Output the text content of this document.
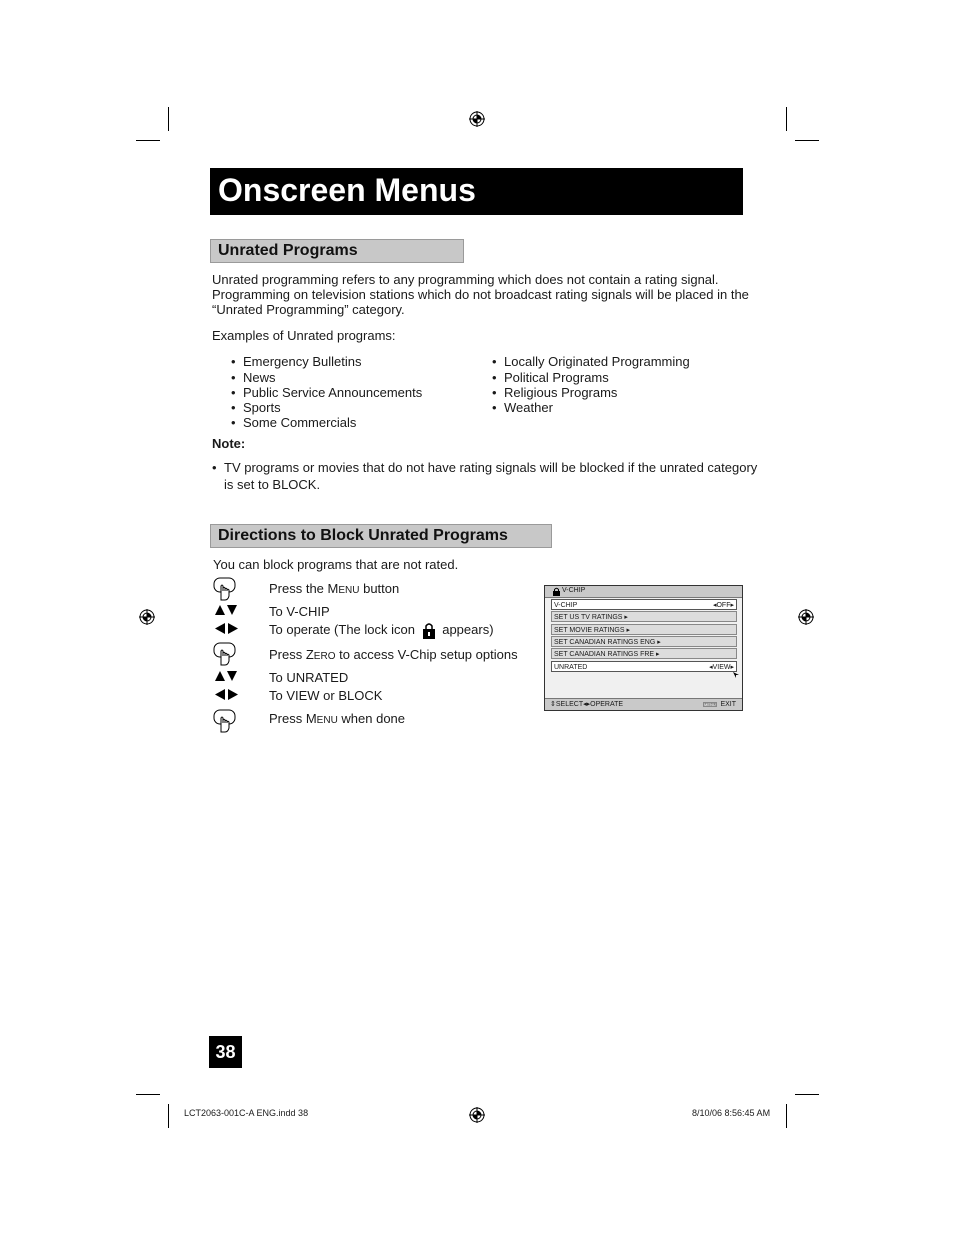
Onscreen Menus
Unrated Programs
Unrated programming refers to any programming which does not contain a rating signal.
Programming on television stations which do not broadcast rating signals will be placed in the
“Unrated Programming” category.
Examples of Unrated programs:
• Emergency Bulletins
• News
• Public Service Announcements
• Sports
• Some Commercials
• Locally Originated Programming
• Political Programs
• Religious Programs
• Weather
Note:
• TV programs or movies that do not have rating signals will be blocked if the unrated category
is set to BLOCK.
Directions to Block Unrated Programs
You can block programs that are not rated.
Press the MENU button
To V-CHIP
To operate (The lock icon appears)
Press ZERO to access V-Chip setup options
To UNRATED
To VIEW or BLOCK
Press MENU when done
V-CHIP
V-CHIP	◂OFF▸
SET US TV RATINGS ▸
SET MOVIE RATINGS ▸
SET CANADIAN RATINGS ENG ▸
SET CANADIAN RATINGS FRE ▸
UNRATED	◂VIEW▸
⇕SELECT◂▸OPERATE	MENU EXIT
38
LCT2063-001C-A ENG.indd 38	8/10/06 8:56:45 AM
